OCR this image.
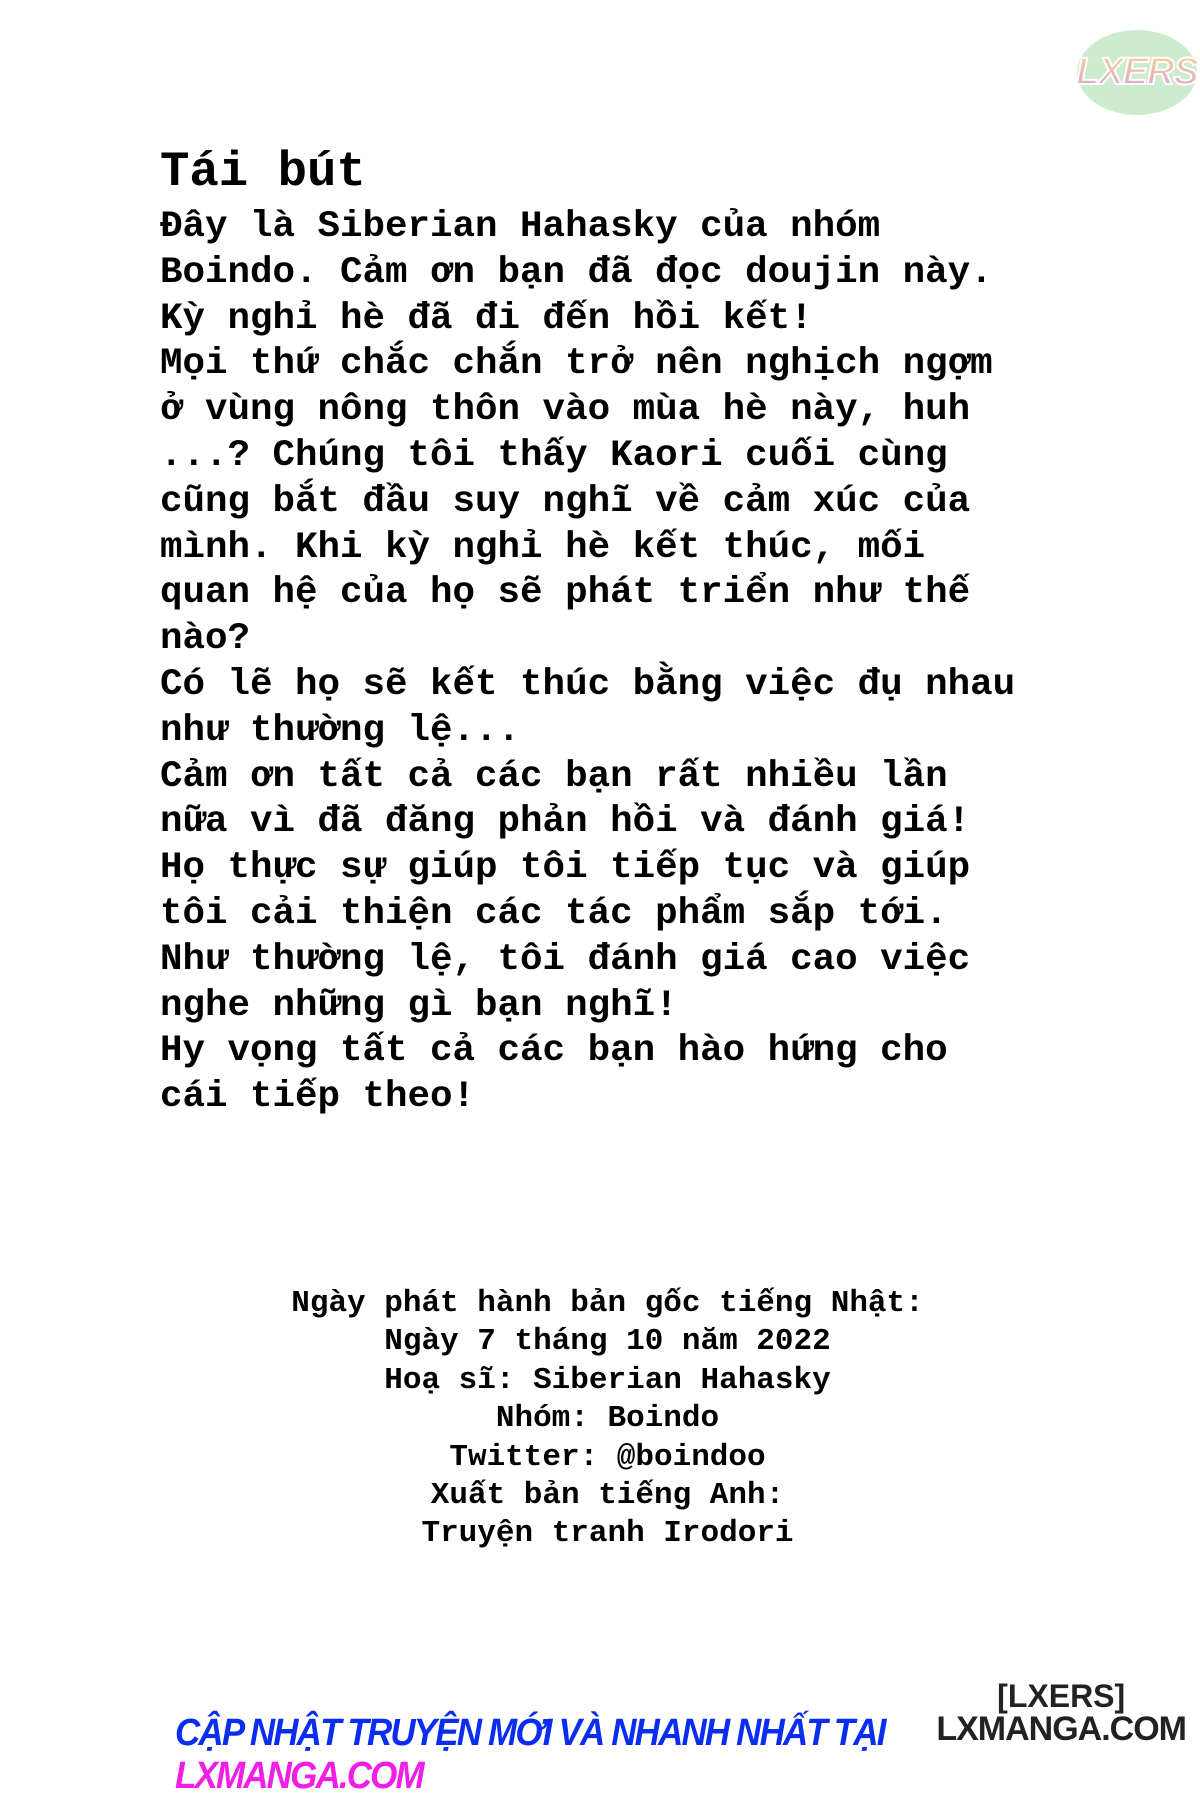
LXERS
Tái bút
Đây là Siberian Hahasky của nhóm
Boindo. Cảm ơn bạn đã đọc doujin này.
Kỳ nghỉ hè đã đi đến hồi kết!
Mọi thứ chắc chắn trở nên nghịch ngợm
ở vùng nông thôn vào mùa hè này, huh
...? Chúng tôi thấy Kaori cuối cùng
cũng bắt đầu suy nghĩ về cảm xúc của
mình. Khi kỳ nghỉ hè kết thúc, mối
quan hệ của họ sẽ phát triển như thế
nào?
Có lẽ họ sẽ kết thúc bằng việc đụ nhau
như thường lệ...
Cảm ơn tất cả các bạn rất nhiều lần
nữa vì đã đăng phản hồi và đánh giá!
Họ thực sự giúp tôi tiếp tục và giúp
tôi cải thiện các tác phẩm sắp tới.
Như thường lệ, tôi đánh giá cao việc
nghe những gì bạn nghĩ!
Hy vọng tất cả các bạn hào hứng cho
cái tiếp theo!
Ngày phát hành bản gốc tiếng Nhật:
Ngày 7 tháng 10 năm 2022
Hoạ sĩ: Siberian Hahasky
Nhóm: Boindo
Twitter: @boindoo
Xuất bản tiếng Anh:
Truyện tranh Irodori
CẬP NHẬT TRUYỆN MỚI VÀ NHANH NHẤT TẠI LXMANGA.COM
[LXERS]
LXMANGA.COM
